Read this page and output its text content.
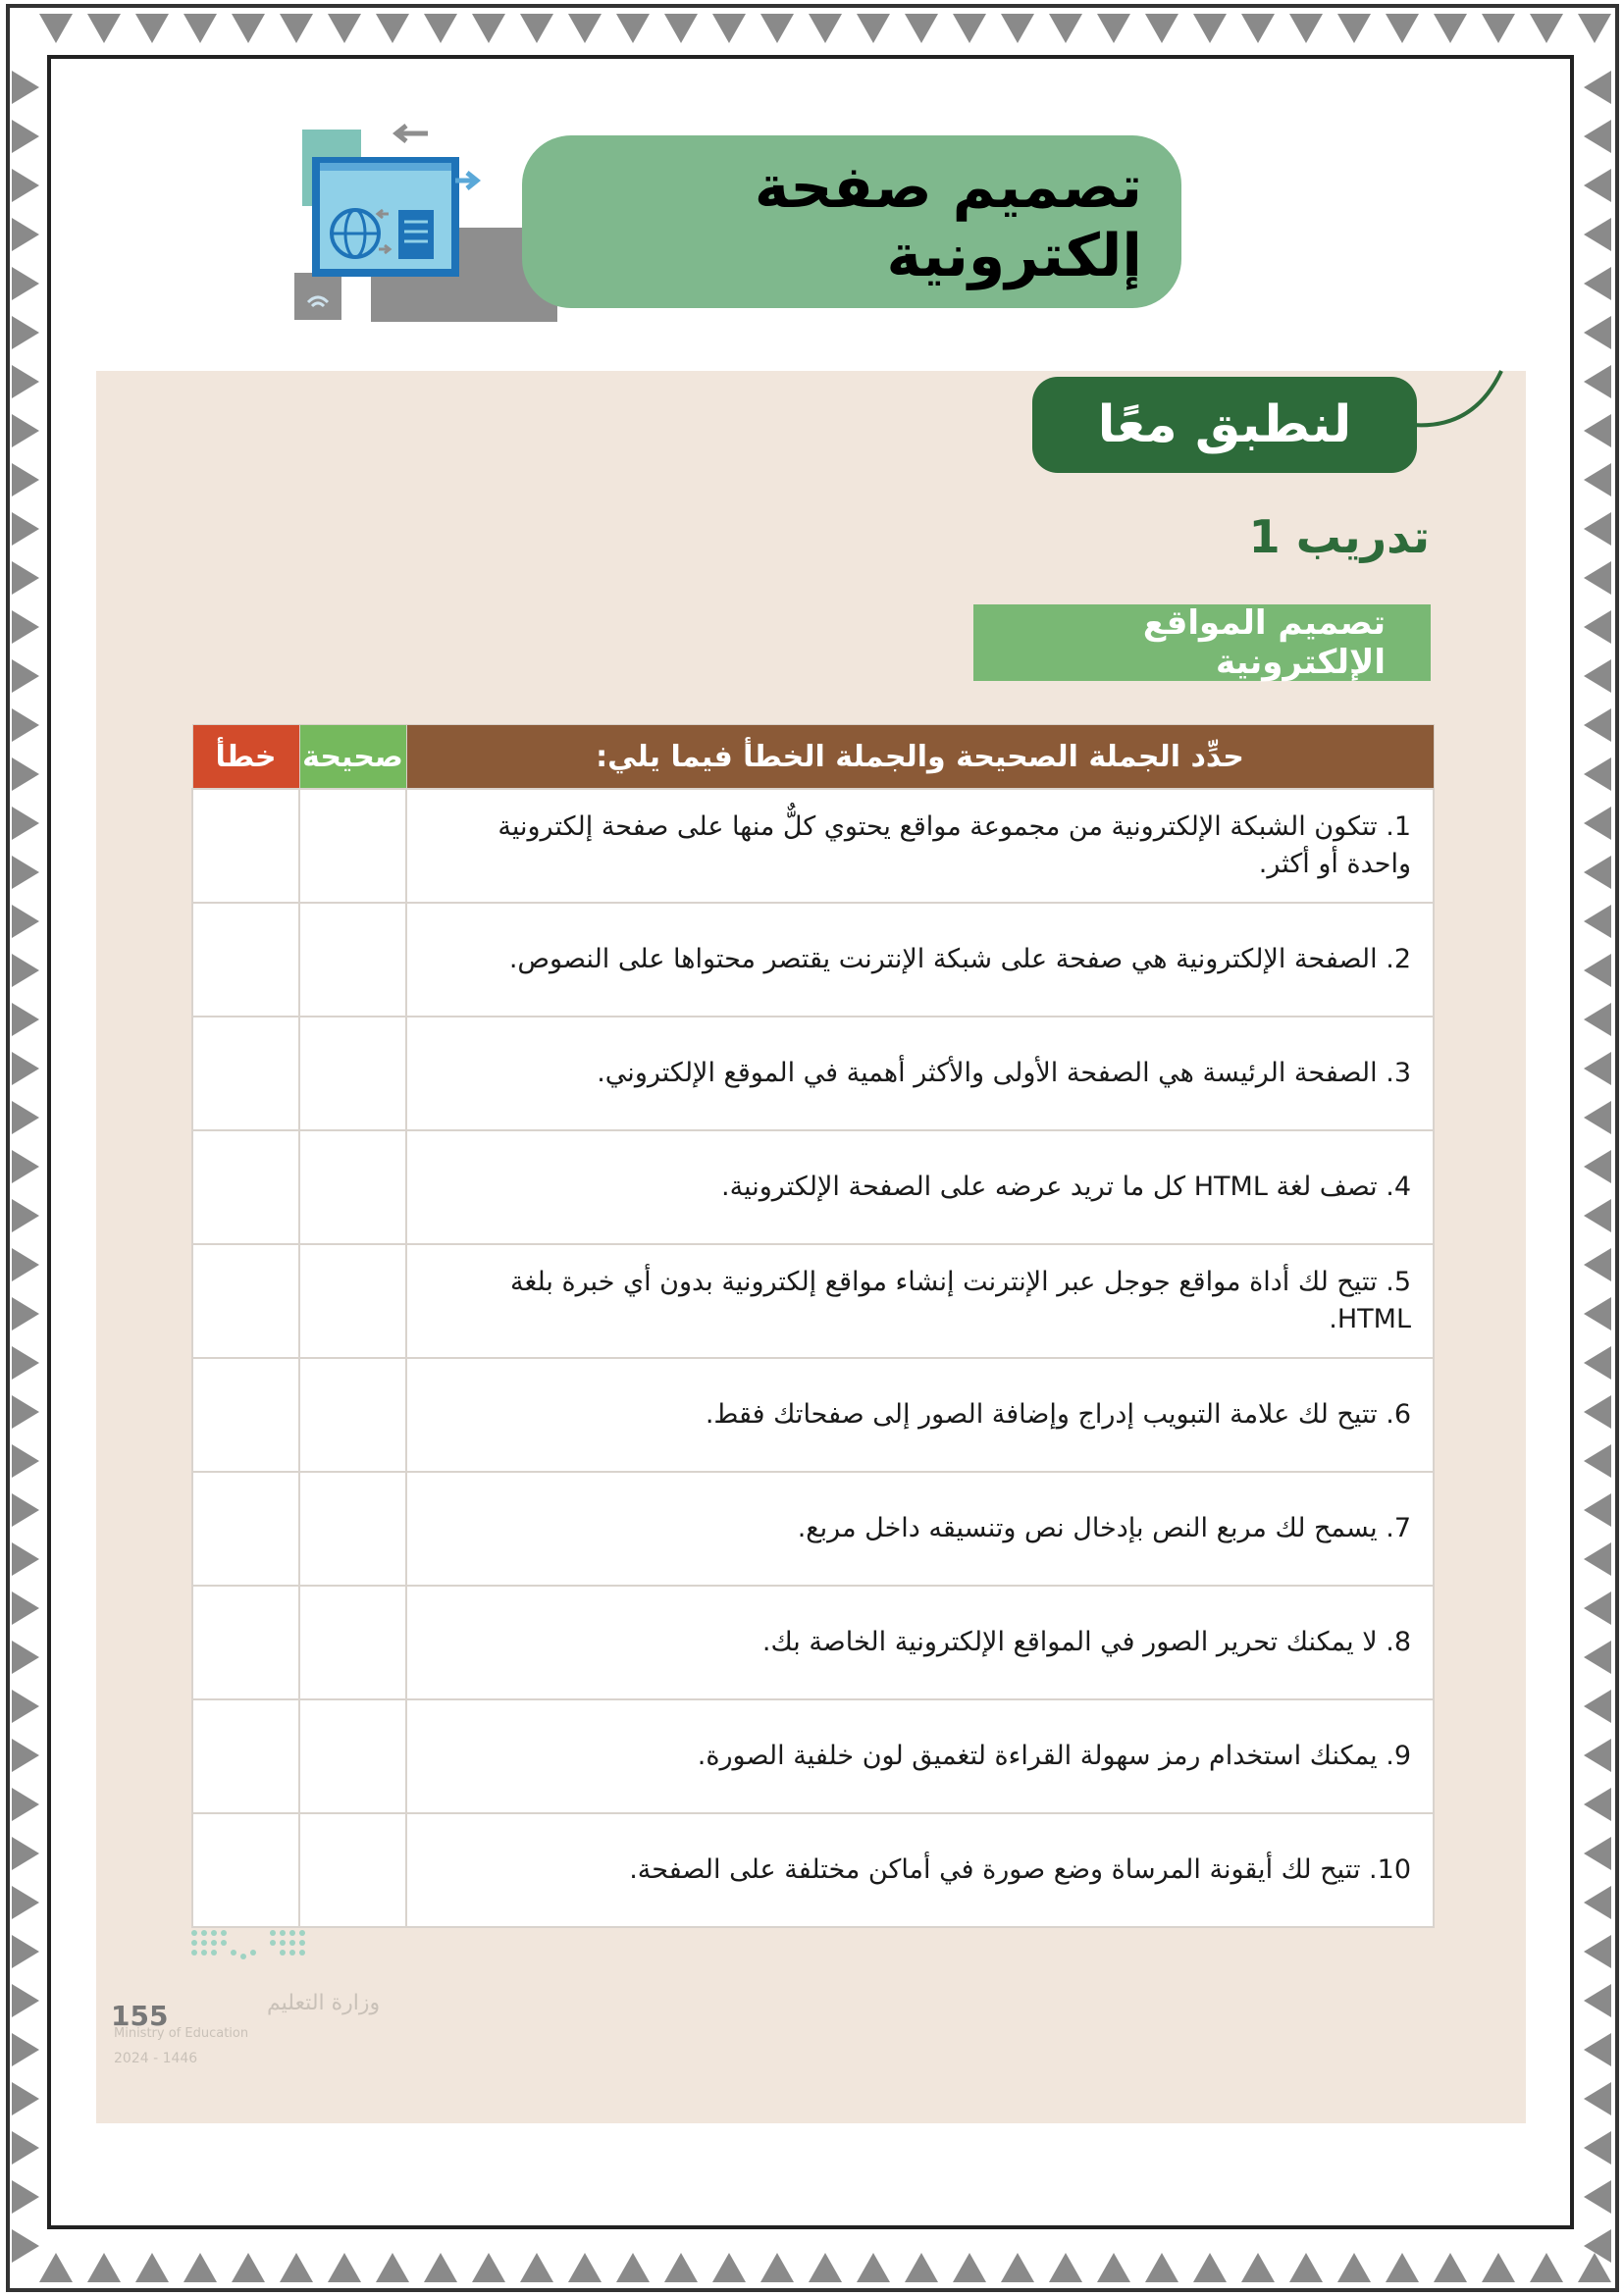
تصميم صفحة إلكترونية
لنطبق معًا
تدريب 1
تصميم المواقع الإلكترونية
حدِّد الجملة الصحيحة والجملة الخطأ فيما يلي:	صحيحة	خطأ
1. تتكون الشبكة الإلكترونية من مجموعة مواقع يحتوي كلٌّ منها على صفحة إلكترونية واحدة أو أكثر.		
2. الصفحة الإلكترونية هي صفحة على شبكة الإنترنت يقتصر محتواها على النصوص.		
3. الصفحة الرئيسة هي الصفحة الأولى والأكثر أهمية في الموقع الإلكتروني.		
4. تصف لغة HTML كل ما تريد عرضه على الصفحة الإلكترونية.		
5. تتيح لك أداة مواقع جوجل عبر الإنترنت إنشاء مواقع إلكترونية بدون أي خبرة بلغة HTML.		
6. تتيح لك علامة التبويب إدراج وإضافة الصور إلى صفحاتك فقط.		
7. يسمح لك مربع النص بإدخال نص وتنسيقه داخل مربع.		
8. لا يمكنك تحرير الصور في المواقع الإلكترونية الخاصة بك.		
9. يمكنك استخدام رمز سهولة القراءة لتغميق لون خلفية الصورة.		
10. تتيح لك أيقونة المرساة وضع صورة في أماكن مختلفة على الصفحة.		
وزارة التعليم
Ministry of Education
2024 - 1446
155
